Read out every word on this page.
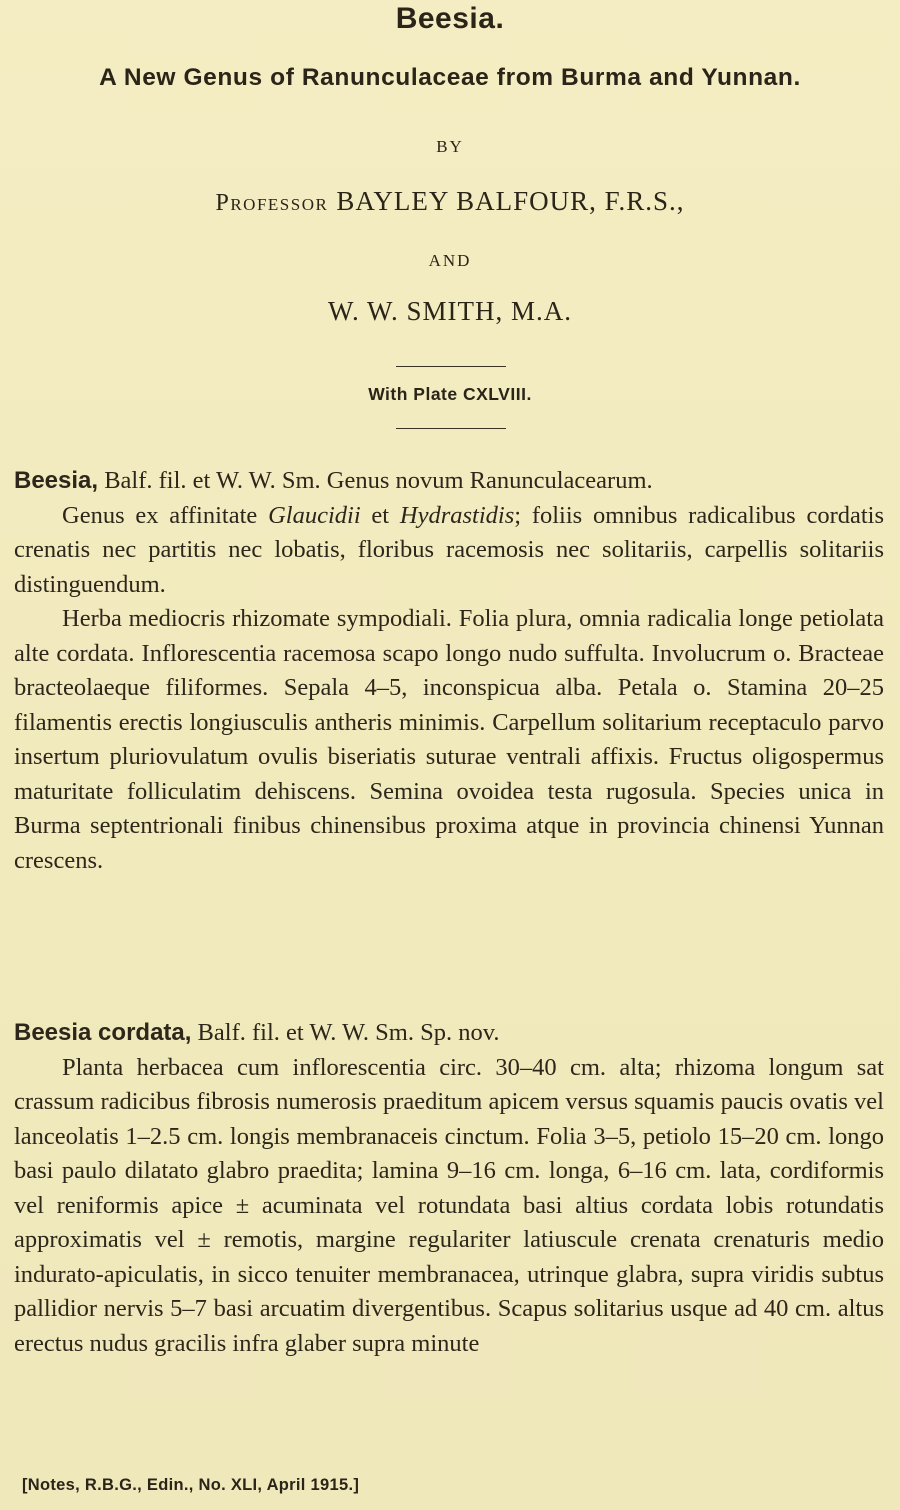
Beesia.
A New Genus of Ranunculaceae from Burma and Yunnan.
BY
Professor BAYLEY BALFOUR, F.R.S.,
AND
W. W. SMITH, M.A.
With Plate CXLVIII.

Beesia, Balf. fil. et W. W. Sm. Genus novum Ranunculacearum.

Genus ex affinitate Glaucidii et Hydrastidis; foliis omnibus radicalibus cordatis crenatis nec partitis nec lobatis, floribus racemosis nec solitariis, carpellis solitariis distinguendum.

Herba mediocris rhizomate sympodiali. Folia plura, omnia radicalia longe petiolata alte cordata. Inflorescentia racemosa scapo longo nudo suffulta. Involucrum o. Bracteae bracteolaeque filiformes. Sepala 4–5, inconspicua alba. Petala o. Stamina 20–25 filamentis erectis longiusculis antheris minimis. Carpellum solitarium receptaculo parvo insertum pluriovulatum ovulis biseriatis suturae ventrali affixis. Fructus oligospermus maturitate folliculatim dehiscens. Semina ovoidea testa rugosula. Species unica in Burma septentrionali finibus chinensibus proxima atque in provincia chinensi Yunnan crescens.

Beesia cordata, Balf. fil. et W. W. Sm. Sp. nov.

Planta herbacea cum inflorescentia circ. 30–40 cm. alta; rhizoma longum sat crassum radicibus fibrosis numerosis praeditum apicem versus squamis paucis ovatis vel lanceolatis 1–2.5 cm. longis membranaceis cinctum. Folia 3–5, petiolo 15–20 cm. longo basi paulo dilatato glabro praedita; lamina 9–16 cm. longa, 6–16 cm. lata, cordiformis vel reniformis apice ± acuminata vel rotundata basi altius cordata lobis rotundatis approximatis vel ± remotis, margine regulariter latiuscule crenata crenaturis medio indurato-apiculatis, in sicco tenuiter membranacea, utrinque glabra, supra viridis subtus pallidior nervis 5–7 basi arcuatim divergentibus. Scapus solitarius usque ad 40 cm. altus erectus nudus gracilis infra glaber supra minute

[Notes, R.B.G., Edin., No. XLI, April 1915.]
